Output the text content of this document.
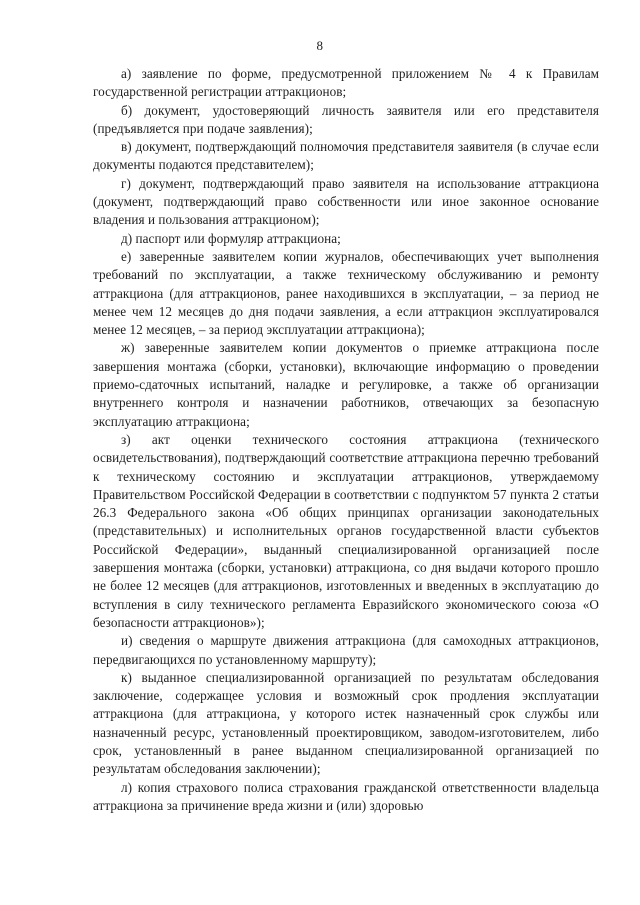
8

а) заявление по форме, предусмотренной приложением № 4 к Правилам государственной регистрации аттракционов;

б) документ, удостоверяющий личность заявителя или его представителя (предъявляется при подаче заявления);

в) документ, подтверждающий полномочия представителя заявителя (в случае если документы подаются представителем);

г) документ, подтверждающий право заявителя на использование аттракциона (документ, подтверждающий право собственности или иное законное основание владения и пользования аттракционом);

д) паспорт или формуляр аттракциона;

е) заверенные заявителем копии журналов, обеспечивающих учет выполнения требований по эксплуатации, а также техническому обслуживанию и ремонту аттракциона (для аттракционов, ранее находившихся в эксплуатации, – за период не менее чем 12 месяцев до дня подачи заявления, а если аттракцион эксплуатировался менее 12 месяцев, – за период эксплуатации аттракциона);

ж) заверенные заявителем копии документов о приемке аттракциона после завершения монтажа (сборки, установки), включающие информацию о проведении приемо-сдаточных испытаний, наладке и регулировке, а также об организации внутреннего контроля и назначении работников, отвечающих за безопасную эксплуатацию аттракциона;

з) акт оценки технического состояния аттракциона (технического освидетельствования), подтверждающий соответствие аттракциона перечню требований к техническому состоянию и эксплуатации аттракционов, утверждаемому Правительством Российской Федерации в соответствии с подпунктом 57 пункта 2 статьи 26.3 Федерального закона «Об общих принципах организации законодательных (представительных) и исполнительных органов государственной власти субъектов Российской Федерации», выданный специализированной организацией после завершения монтажа (сборки, установки) аттракциона, со дня выдачи которого прошло не более 12 месяцев (для аттракционов, изготовленных и введенных в эксплуатацию до вступления в силу технического регламента Евразийского экономического союза «О безопасности аттракционов»);

и) сведения о маршруте движения аттракциона (для самоходных аттракционов, передвигающихся по установленному маршруту);

к) выданное специализированной организацией по результатам обследования заключение, содержащее условия и возможный срок продления эксплуатации аттракциона (для аттракциона, у которого истек назначенный срок службы или назначенный ресурс, установленный проектировщиком, заводом-изготовителем, либо срок, установленный в ранее выданном специализированной организацией по результатам обследования заключении);

л) копия страхового полиса страхования гражданской ответственности владельца аттракциона за причинение вреда жизни и (или) здоровью
